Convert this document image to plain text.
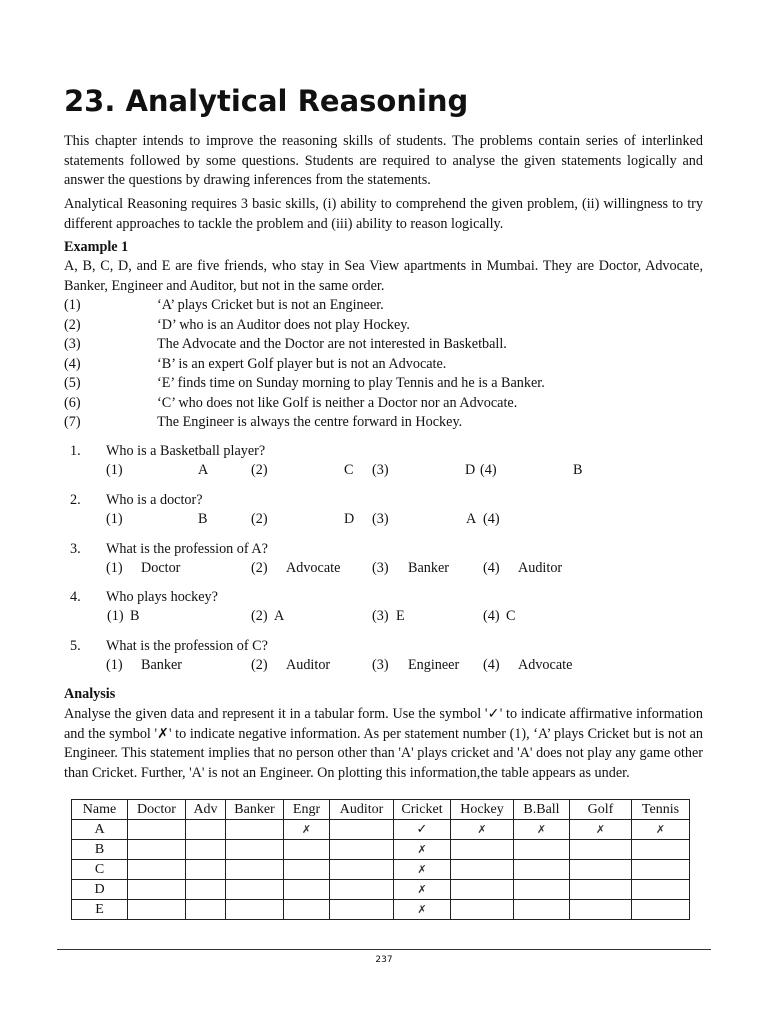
23. Analytical Reasoning

This chapter intends to improve the reasoning skills of students. The problems contain series of interlinked statements followed by some questions. Students are required to analyse the given statements logically and answer the questions by drawing inferences from the statements.

Analytical Reasoning requires 3 basic skills, (i) ability to comprehend the given problem, (ii) willingness to try different approaches to tackle the problem and (iii) ability to reason logically.

Example 1

A, B, C, D, and E are five friends, who stay in Sea View apartments in Mumbai. They are Doctor, Advocate, Banker, Engineer and Auditor, but not in the same order.

(1)	‘A’ plays Cricket but is not an Engineer.
(2)	‘D’ who is an Auditor does not play Hockey.
(3)	The Advocate and the Doctor are not interested in Basketball.
(4)	‘B’ is an expert Golf player but is not an Advocate.
(5)	‘E’ finds time on Sunday morning to play Tennis and he is a Banker.
(6)	‘C’ who does not like Golf is neither a Doctor nor an Advocate.
(7)	The Engineer is always the centre forward in Hockey.
1. Who is a Basketball player?
(1)	A	(2)	C (3)	D (4)	B
2. Who is a doctor?
(1)	B	(2)	D (3)	A (4)
3. What is the profession of A?
(1) Doctor	(2) Advocate (3) Banker (4) Auditor
4. Who plays hockey?
(1) B	(2) A	(3) E	(4) C
5. What is the profession of C?
(1) Banker	(2) Auditor	(3) Engineer (4) Advocate

Analysis

Analyse the given data and represent it in a tabular form. Use the symbol '✓' to indicate affirmative information and the symbol '✗' to indicate negative information. As per statement number (1), ‘A’ plays Cricket but is not an Engineer. This statement implies that no person other than 'A' plays cricket and 'A' does not play any game other than Cricket. Further, 'A' is not an Engineer. On plotting this information,the table appears as under.

Name	Doctor	Adv	Banker	Engr	Auditor	Cricket	Hockey	B.Ball	Golf	Tennis
A				✗		✓	✗	✗	✗	✗
B						✗				
C						✗				
D						✗				
E						✗				
237
